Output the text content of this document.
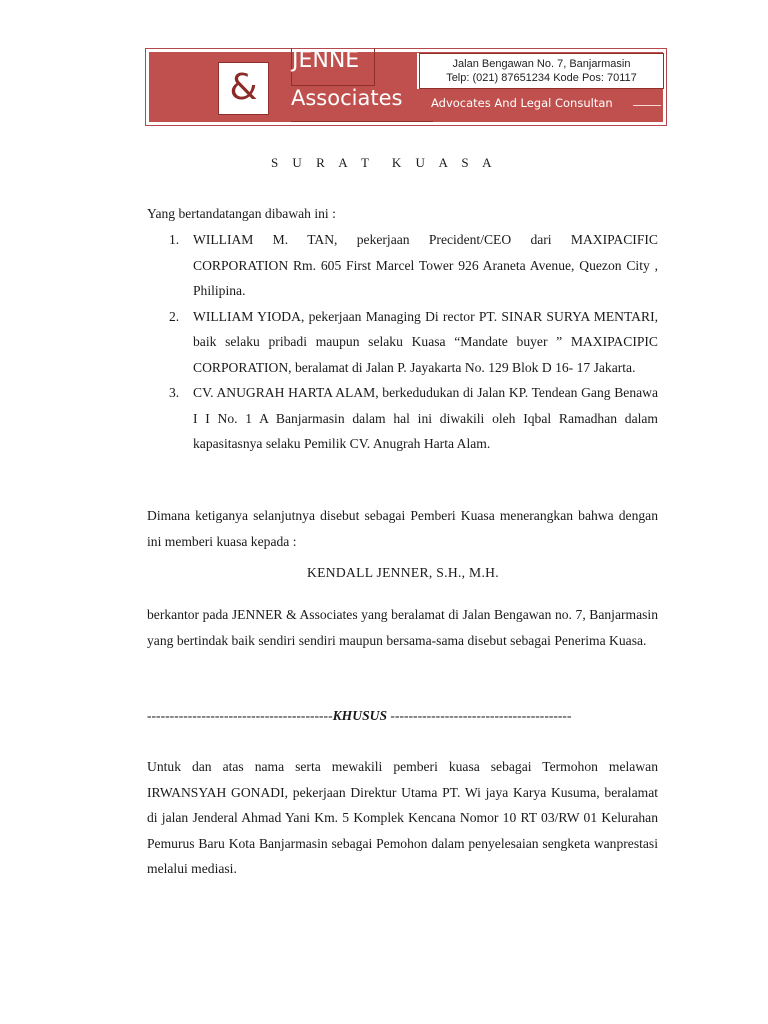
&
JENNE
Associates
Jalan Bengawan No. 7, Banjarmasin
Telp: (021) 87651234 Kode Pos: 70117
Advocates And Legal Consultan
S U R A T  K U A S A

Yang bertandatangan dibawah ini :

1. WILLIAM M. TAN, pekerjaan Precident/CEO dari MAXIPACIFIC CORPORATION Rm. 605 First Marcel Tower 926 Araneta Avenue, Quezon City , Philipina.
2. WILLIAM YIODA, pekerjaan Managing Di rector PT. SINAR SURYA MENTARI, baik selaku pribadi maupun selaku Kuasa “Mandate buyer ” MAXIPACIPIC CORPORATION, beralamat di Jalan P. Jayakarta No. 129 Blok D 16- 17 Jakarta.
3. CV. ANUGRAH HARTA ALAM, berkedudukan di Jalan KP. Tendean Gang Benawa I I No. 1 A Banjarmasin dalam hal ini diwakili oleh Iqbal Ramadhan dalam kapasitasnya selaku Pemilik CV. Anugrah Harta Alam.

Dimana ketiganya selanjutnya disebut sebagai Pemberi Kuasa menerangkan bahwa dengan ini memberi kuasa kepada :

KENDALL JENNER, S.H., M.H.

berkantor pada JENNER & Associates yang beralamat di Jalan Bengawan no. 7, Banjarmasin yang bertindak baik sendiri sendiri maupun bersama-sama disebut sebagai Penerima Kuasa.

-----------------------------------------KHUSUS ----------------------------------------

Untuk dan atas nama serta mewakili pemberi kuasa sebagai Termohon melawan IRWANSYAH GONADI, pekerjaan Direktur Utama PT. Wi jaya Karya Kusuma, beralamat di jalan Jenderal Ahmad Yani Km. 5 Komplek Kencana Nomor 10 RT 03/RW 01 Kelurahan Pemurus Baru Kota Banjarmasin sebagai Pemohon dalam penyelesaian sengketa wanprestasi melalui mediasi.
